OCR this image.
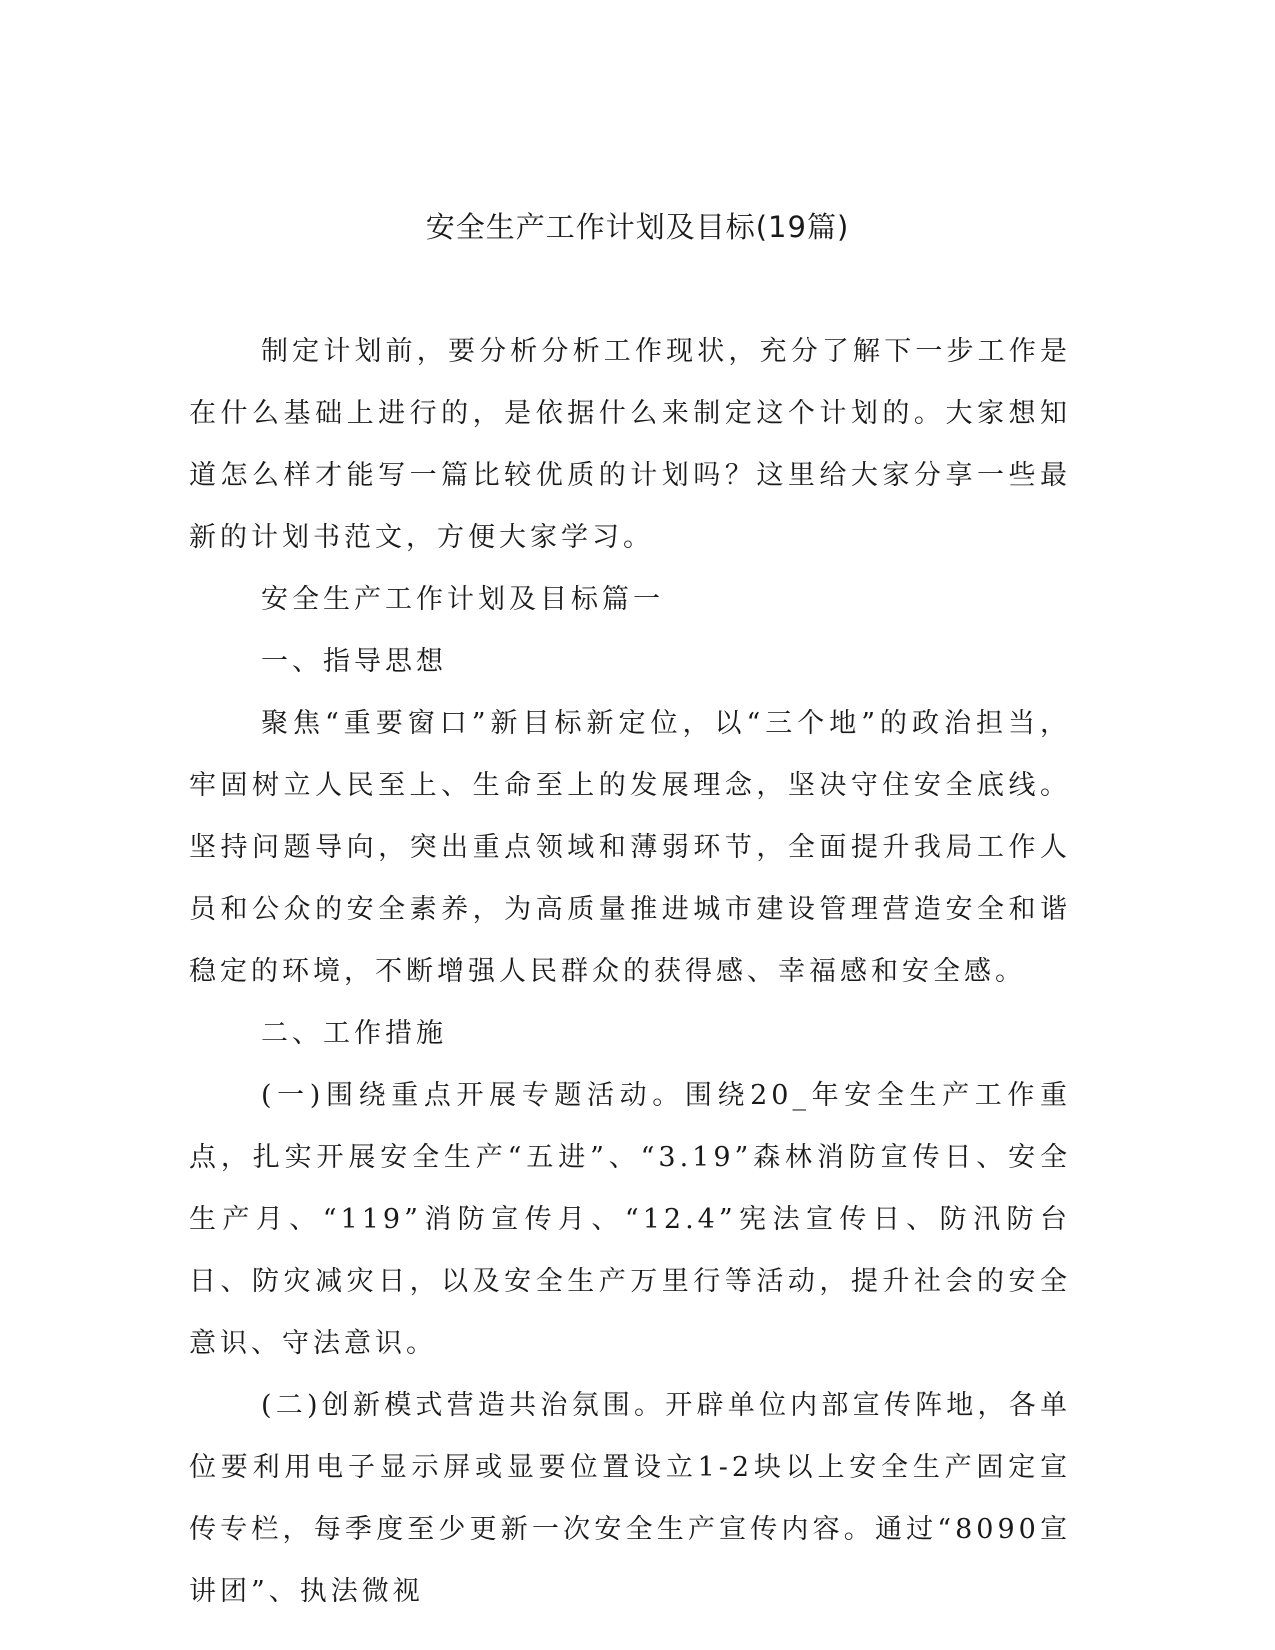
安全生产工作计划及目标(19篇)

制定计划前，要分析分析工作现状，充分了解下一步工作是在什么基础上进行的，是依据什么来制定这个计划的。大家想知道怎么样才能写一篇比较优质的计划吗？这里给大家分享一些最新的计划书范文，方便大家学习。

安全生产工作计划及目标篇一

一、指导思想

聚焦“重要窗口”新目标新定位，以“三个地”的政治担当，牢固树立人民至上、生命至上的发展理念，坚决守住安全底线。坚持问题导向，突出重点领域和薄弱环节，全面提升我局工作人员和公众的安全素养，为高质量推进城市建设管理营造安全和谐稳定的环境，不断增强人民群众的获得感、幸福感和安全感。

二、工作措施

(一)围绕重点开展专题活动。围绕20_年安全生产工作重点，扎实开展安全生产“五进”、“3.19”森林消防宣传日、安全生产月、“119”消防宣传月、“12.4”宪法宣传日、防汛防台日、防灾减灾日，以及安全生产万里行等活动，提升社会的安全意识、守法意识。

(二)创新模式营造共治氛围。开辟单位内部宣传阵地，各单位要利用电子显示屏或显要位置设立1-2块以上安全生产固定宣传专栏，每季度至少更新一次安全生产宣传内容。通过“8090宣讲团”、执法微视
